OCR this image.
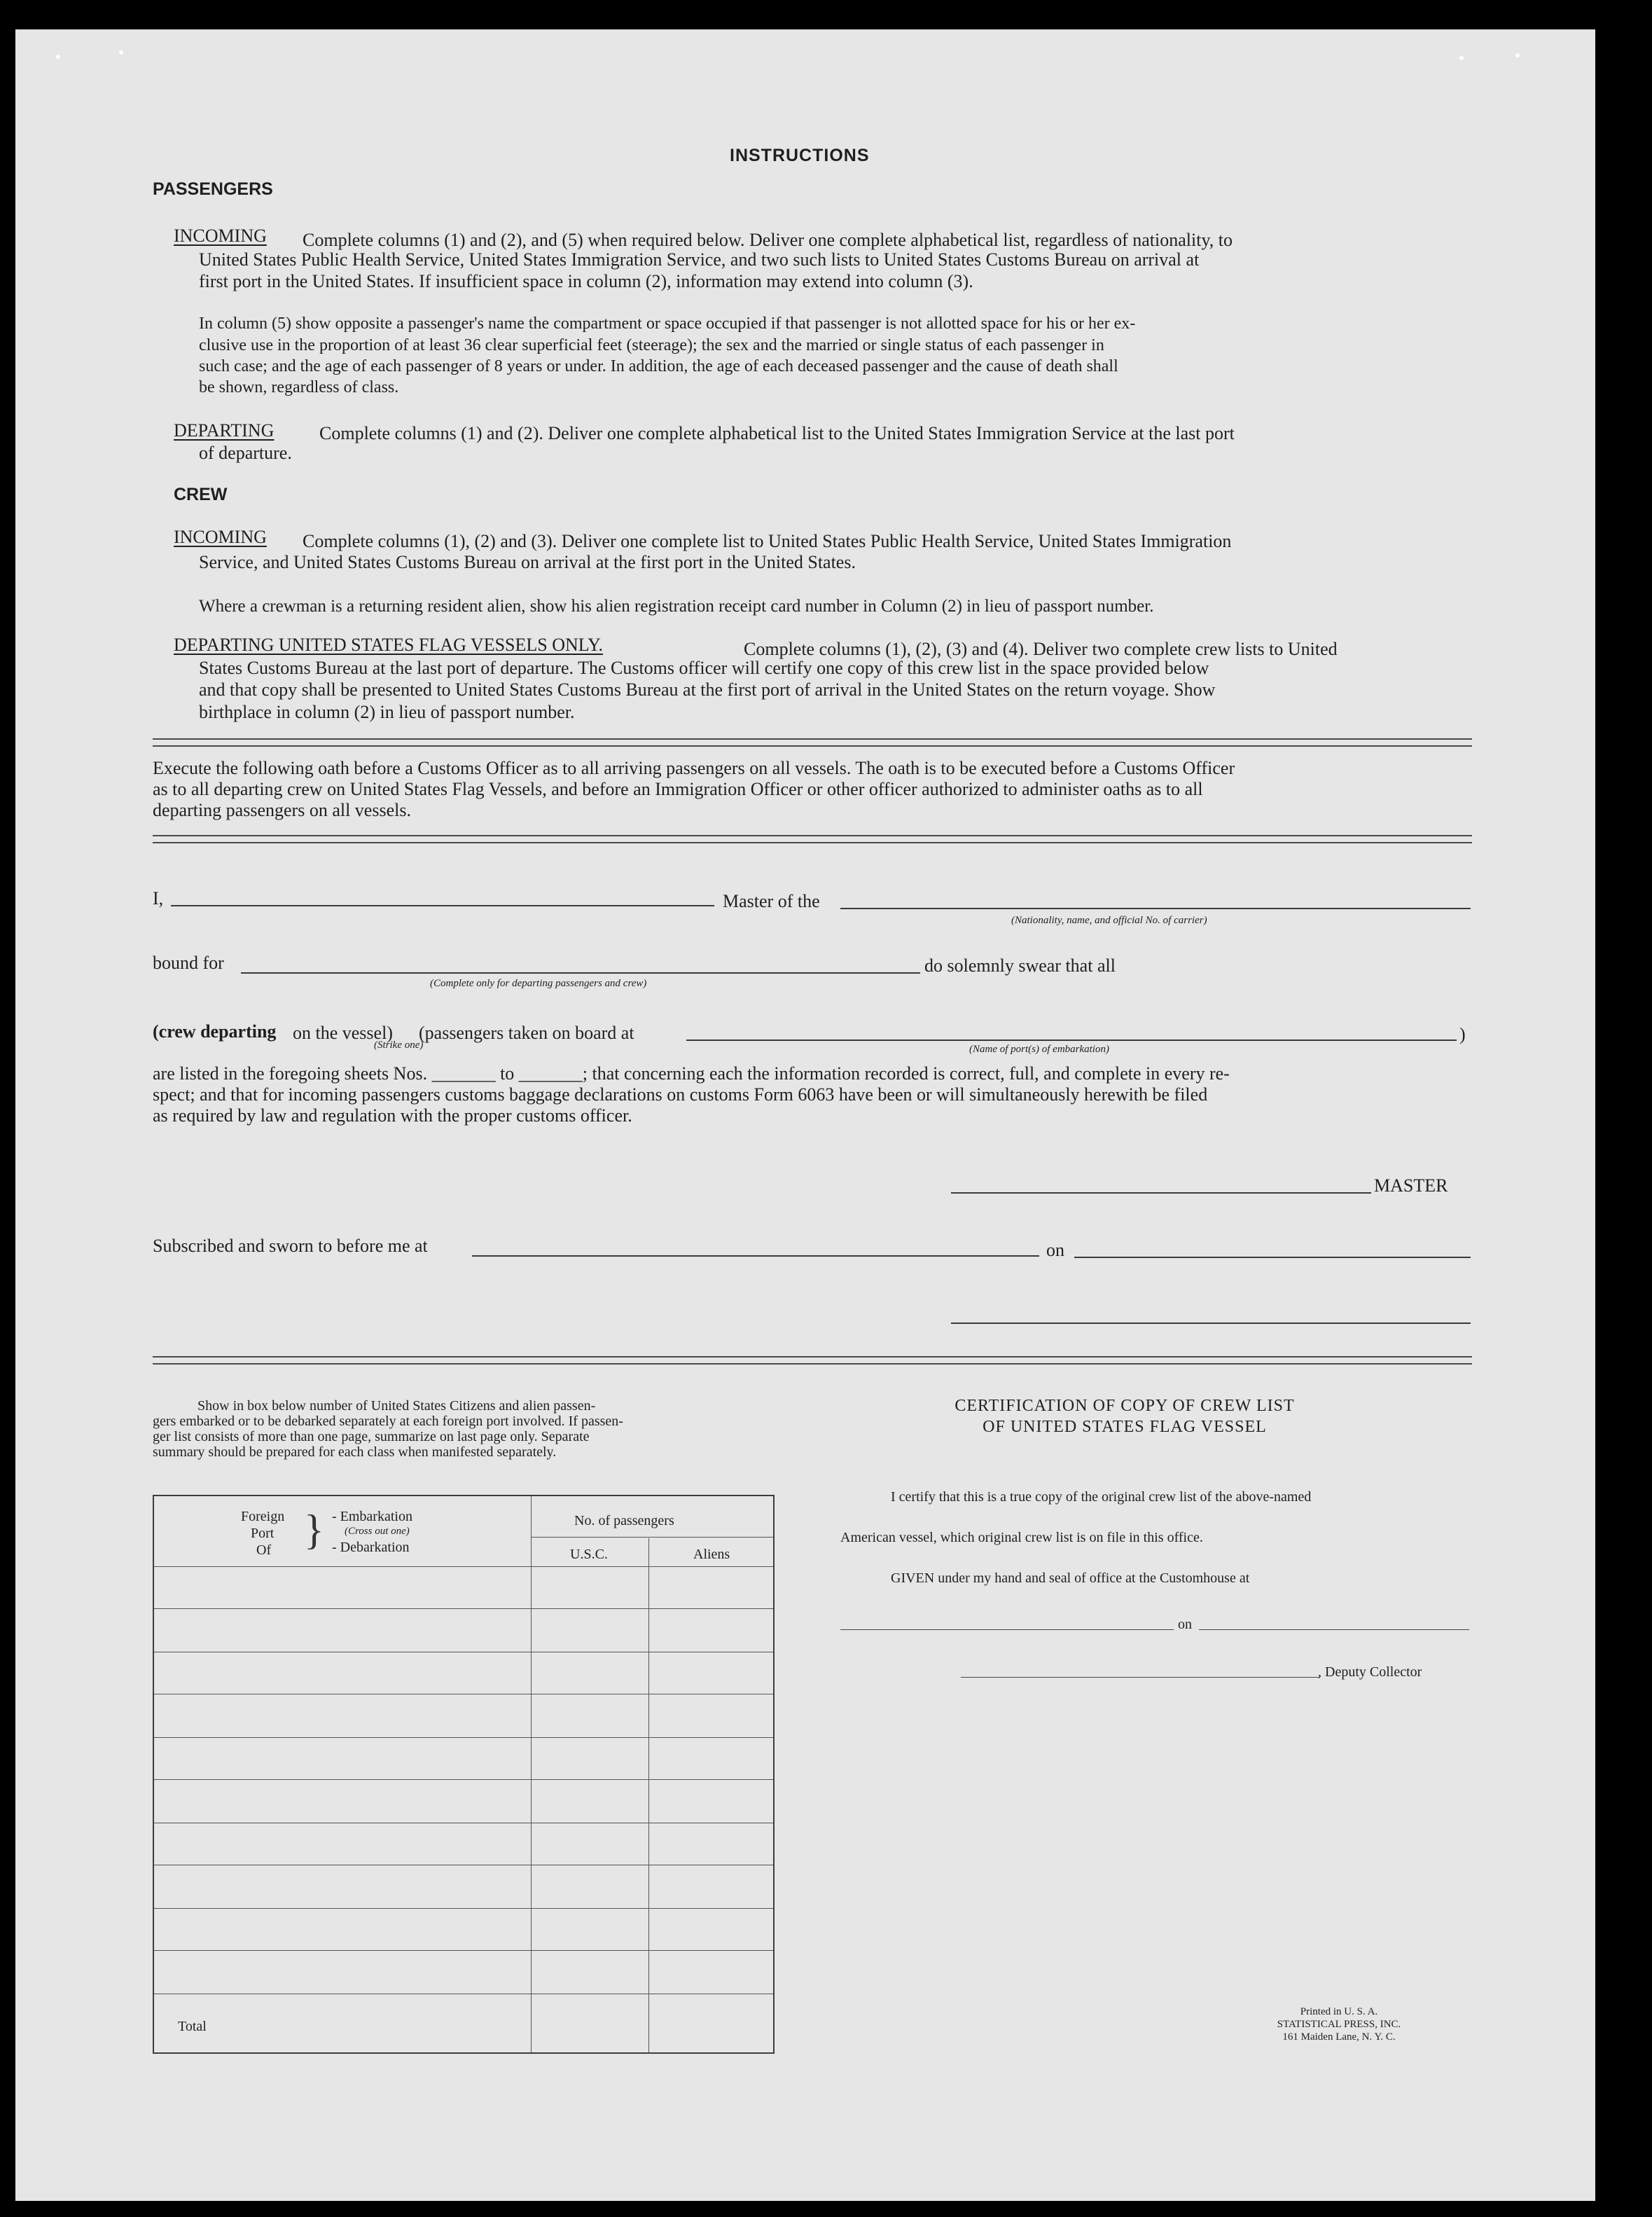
INSTRUCTIONS
PASSENGERS
INCOMING Complete columns (1) and (2), and (5) when required below. Deliver one complete alphabetical list, regardless of nationality, to
United States Public Health Service, United States Immigration Service, and two such lists to United States Customs Bureau on arrival at
first port in the United States. If insufficient space in column (2), information may extend into column (3).
In column (5) show opposite a passenger's name the compartment or space occupied if that passenger is not allotted space for his or her ex-
clusive use in the proportion of at least 36 clear superficial feet (steerage); the sex and the married or single status of each passenger in
such case; and the age of each passenger of 8 years or under. In addition, the age of each deceased passenger and the cause of death shall
be shown, regardless of class.
DEPARTING Complete columns (1) and (2). Deliver one complete alphabetical list to the United States Immigration Service at the last port
of departure.
CREW
INCOMING Complete columns (1), (2) and (3). Deliver one complete list to United States Public Health Service, United States Immigration
Service, and United States Customs Bureau on arrival at the first port in the United States.
Where a crewman is a returning resident alien, show his alien registration receipt card number in Column (2) in lieu of passport number.
DEPARTING UNITED STATES FLAG VESSELS ONLY.	Complete columns (1), (2), (3) and (4). Deliver two complete crew lists to United
States Customs Bureau at the last port of departure. The Customs officer will certify one copy of this crew list in the space provided below
and that copy shall be presented to United States Customs Bureau at the first port of arrival in the United States on the return voyage. Show
birthplace in column (2) in lieu of passport number.
Execute the following oath before a Customs Officer as to all arriving passengers on all vessels. The oath is to be executed before a Customs Officer
as to all departing crew on United States Flag Vessels, and before an Immigration Officer or other officer authorized to administer oaths as to all
departing passengers on all vessels.
I,	Master of the
(Nationality, name, and official No. of carrier)
bound for
(Complete only for departing passengers and crew)
do solemnly swear that all
(crew departing on the vessel)
(Strike one)
(passengers taken on board at
(Name of port(s) of embarkation)
)
are listed in the foregoing sheets Nos. _______ to _______; that concerning each the information recorded is correct, full, and complete in every re-
spect; and that for incoming passengers customs baggage declarations on customs Form 6063 have been or will simultaneously herewith be filed
as required by law and regulation with the proper customs officer.
MASTER
Subscribed and sworn to before me at	on
Show in box below number of United States Citizens and alien passen-
gers embarked or to be debarked separately at each foreign port involved. If passen-
ger list consists of more than one page, summarize on last page only. Separate
summary should be prepared for each class when manifested separately.
Foreign
Port
Of } - Embarkation
(Cross out one)
- Debarkation
No. of passengers
U.S.C.	Aliens
Total
CERTIFICATION OF COPY OF CREW LIST
OF UNITED STATES FLAG VESSEL
I certify that this is a true copy of the original crew list of the above-named
American vessel, which original crew list is on file in this office.
GIVEN under my hand and seal of office at the Customhouse at
on
, Deputy Collector
Printed in U. S. A.
STATISTICAL PRESS, INC.
161 Maiden Lane, N. Y. C.
